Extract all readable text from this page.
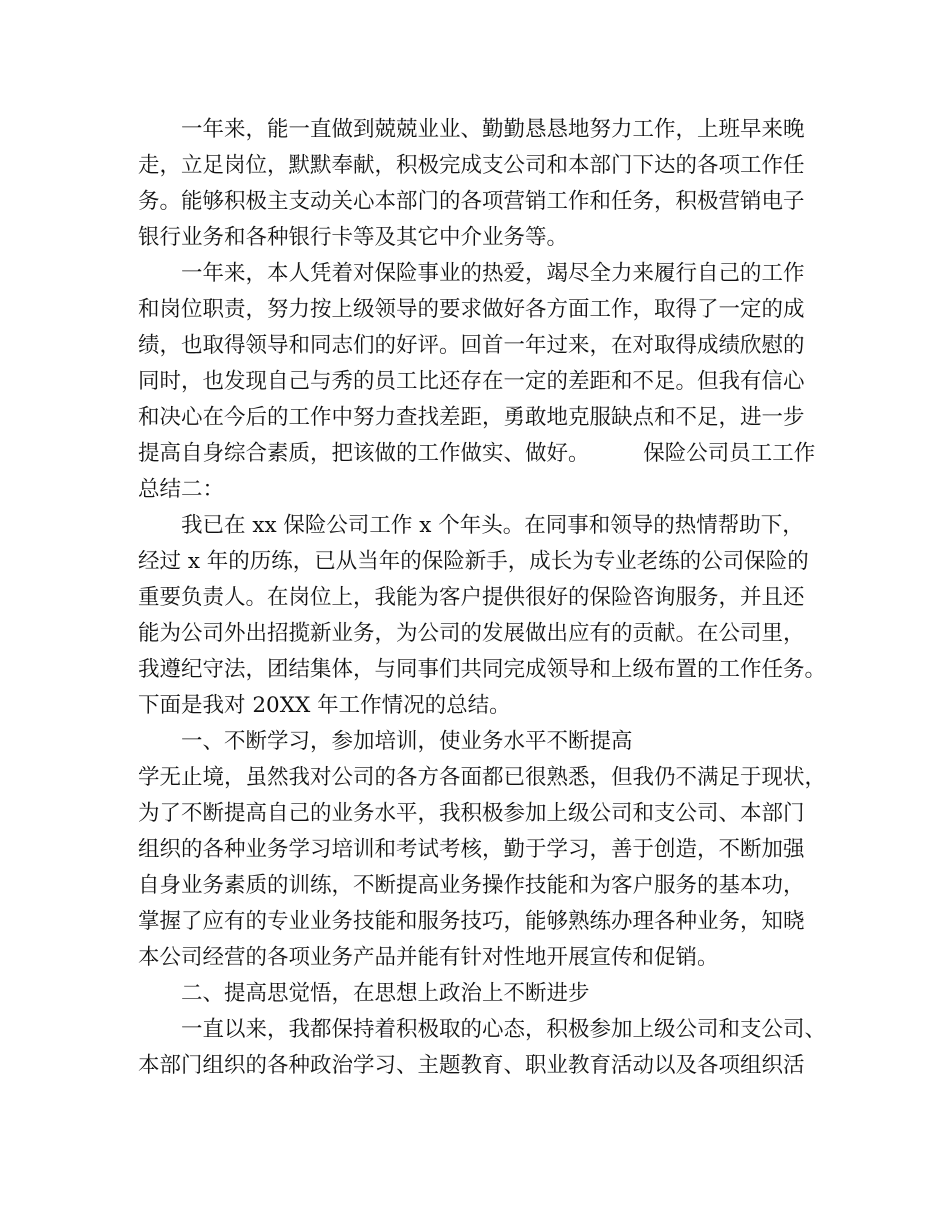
一年来，能一直做到兢兢业业、勤勤恳恳地努力工作，上班早来晚

走，立足岗位，默默奉献，积极完成支公司和本部门下达的各项工作任

务。能够积极主支动关心本部门的各项营销工作和任务，积极营销电子

银行业务和各种银行卡等及其它中介业务等。

一年来，本人凭着对保险事业的热爱，竭尽全力来履行自己的工作

和岗位职责，努力按上级领导的要求做好各方面工作，取得了一定的成

绩，也取得领导和同志们的好评。回首一年过来，在对取得成绩欣慰的

同时，也发现自己与秀的员工比还存在一定的差距和不足。但我有信心

和决心在今后的工作中努力查找差距，勇敢地克服缺点和不足，进一步

提高自身综合素质，把该做的工作做实、做好。　　　保险公司员工工作

总结二：

我已在 xx 保险公司工作 x 个年头。在同事和领导的热情帮助下，

经过 x 年的历练，已从当年的保险新手，成长为专业老练的公司保险的

重要负责人。在岗位上，我能为客户提供很好的保险咨询服务，并且还

能为公司外出招揽新业务，为公司的发展做出应有的贡献。在公司里，

我遵纪守法，团结集体，与同事们共同完成领导和上级布置的工作任务。

下面是我对 20XX 年工作情况的总结。

一、不断学习，参加培训，使业务水平不断提高

学无止境，虽然我对公司的各方各面都已很熟悉，但我仍不满足于现状，

为了不断提高自己的业务水平，我积极参加上级公司和支公司、本部门

组织的各种业务学习培训和考试考核，勤于学习，善于创造，不断加强

自身业务素质的训练，不断提高业务操作技能和为客户服务的基本功，

掌握了应有的专业业务技能和服务技巧，能够熟练办理各种业务，知晓

本公司经营的各项业务产品并能有针对性地开展宣传和促销。

二、提高思觉悟，在思想上政治上不断进步

一直以来，我都保持着积极取的心态，积极参加上级公司和支公司、

本部门组织的各种政治学习、主题教育、职业教育活动以及各项组织活
